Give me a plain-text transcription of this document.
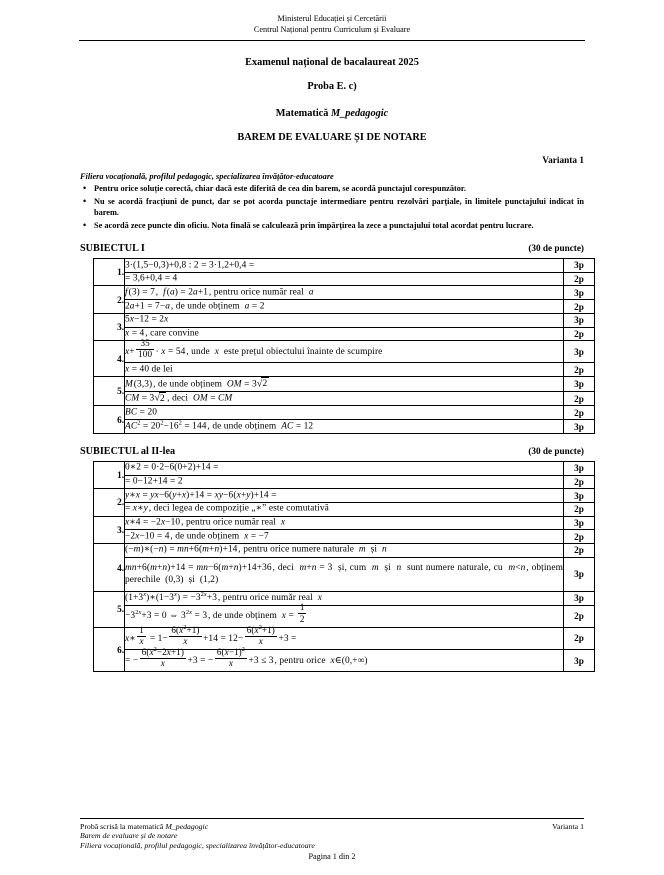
Ministerul Educației și Cercetării
Centrul Național pentru Curriculum și Evaluare
Examenul național de bacalaureat 2025
Proba E. c)
Matematică M_pedagogic
BAREM DE EVALUARE ȘI DE NOTARE
Varianta 1
Filiera vocațională, profilul pedagogic, specializarea învățător-educatoare
• Pentru orice soluție corectă, chiar dacă este diferită de cea din barem, se acordă punctajul corespunzător.
• Nu se acordă fracțiuni de punct, dar se pot acorda punctaje intermediare pentru rezolvări parțiale, în limitele punctajului indicat în barem.
• Se acordă zece puncte din oficiu. Nota finală se calculează prin împărțirea la zece a punctajului total acordat pentru lucrare.
SUBIECTUL I	(30 de puncte)
1.	3·(1,5−0,3)+0,8 : 2 = 3·1,2+0,4 =	3p
	= 3,6+0,4 = 4	2p
2.	f (3) = 7 ,  f (a) = 2a+1 , pentru orice număr real  a	3p
	2a+1 = 7−a , de unde obținem  a = 2	2p
3.	5x−12 = 2x	3p
	x = 4 , care convine	2p
4.	$x+ \frac{35}{100} \cdot x = 54$ , unde  x  este prețul obiectului înainte de scumpire	3p
	x = 40 de lei	2p
5.	M (3,3) , de unde obținem  OM = 3√2	3p
	CM = 3√2 , deci  OM = CM	2p
6.	BC = 20	2p
	$AC^2 = 20^2-16^2 = 144$ , de unde obținem  AC = 12	3p
SUBIECTUL al II-lea	(30 de puncte)
1.	0∗2 = 0·2−6(0+2)+14 =	3p
	= 0−12+14 = 2	2p
2.	y∗x = yx−6(y+x)+14 = xy−6(x+y)+14 =	3p
	= x∗y , deci legea de compoziție „∗” este comutativă	2p
3.	x∗4 = −2x−10 , pentru orice număr real  x	3p
	−2x−10 = 4 , de unde obținem  x = −7	2p
4.	(−m)∗(−n) = mn+6(m+n)+14 , pentru orice numere naturale  m  și  n	2p

	mn+6(m+n)+14 = mn−6(m+n)+14+36 , deci  m+n = 3  și, cum  m  și  n  sunt numere naturale, cu  m<n , obținem perechile  (0,3)  și  (1,2)	3p
5.	$(1+3^x)∗(1-3^x) = -3^{2x}+3$ , pentru orice număr real  x	3p
	$-3^{2x}+3 = 0$ ⇔ $3^{2x} = 3$ , de unde obținem  $x = \frac{1}{2}$	2p
6.	x∗ $\frac{1}{x} = 1- \frac{6(x^2+1)}{x} +14 = 12- \frac{6(x^2+1)}{x} +3$ =	2p
= − $\frac{6(x^2-2x+1)}{x} +3$ = − $\frac{6(x-1)^2}{x} +3 \le 3$ , pentru orice  x∈(0,+∞)	3p
Probă scrisă la matematică M_pedagogic	Varianta 1
Barem de evaluare și de notare
Filiera vocațională, profilul pedagogic, specializarea învățător-educatoare
Pagina 1 din 2
